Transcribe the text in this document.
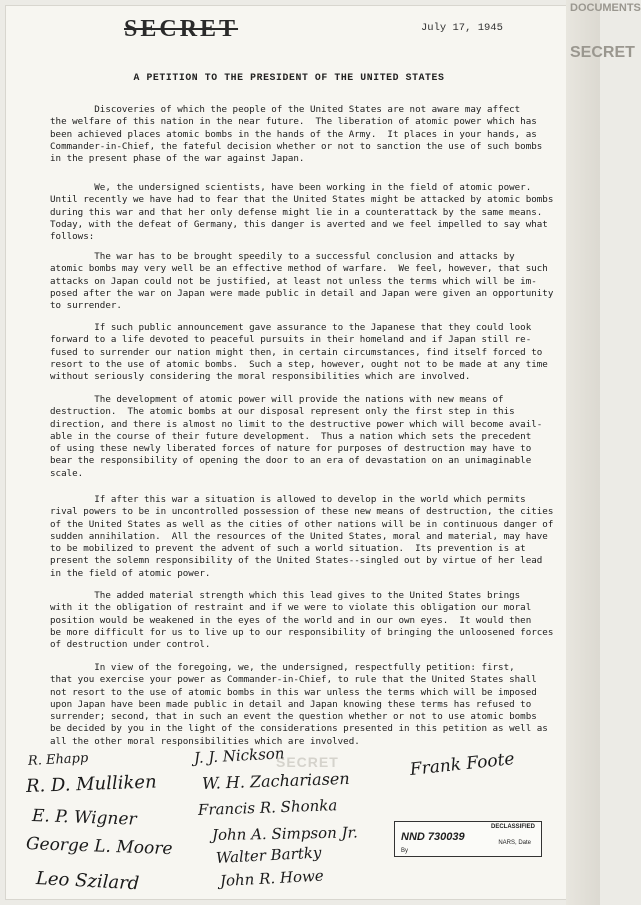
SECRET	July 17, 1945
A PETITION TO THE PRESIDENT OF THE UNITED STATES
Discoveries of which the people of the United States are not aware may affect
the welfare of this nation in the near future.  The liberation of atomic power which has
been achieved places atomic bombs in the hands of the Army.  It places in your hands, as
Commander-in-Chief, the fateful decision whether or not to sanction the use of such bombs
in the present phase of the war against Japan.
We, the undersigned scientists, have been working in the field of atomic power.
Until recently we have had to fear that the United States might be attacked by atomic bombs
during this war and that her only defense might lie in a counterattack by the same means.
Today, with the defeat of Germany, this danger is averted and we feel impelled to say what
follows:
The war has to be brought speedily to a successful conclusion and attacks by
atomic bombs may very well be an effective method of warfare.  We feel, however, that such
attacks on Japan could not be justified, at least not unless the terms which will be im-
posed after the war on Japan were made public in detail and Japan were given an opportunity
to surrender.
If such public announcement gave assurance to the Japanese that they could look
forward to a life devoted to peaceful pursuits in their homeland and if Japan still re-
fused to surrender our nation might then, in certain circumstances, find itself forced to
resort to the use of atomic bombs.  Such a step, however, ought not to be made at any time
without seriously considering the moral responsibilities which are involved.
The development of atomic power will provide the nations with new means of
destruction.  The atomic bombs at our disposal represent only the first step in this
direction, and there is almost no limit to the destructive power which will become avail-
able in the course of their future development.  Thus a nation which sets the precedent
of using these newly liberated forces of nature for purposes of destruction may have to
bear the responsibility of opening the door to an era of devastation on an unimaginable
scale.
If after this war a situation is allowed to develop in the world which permits
rival powers to be in uncontrolled possession of these new means of destruction, the cities
of the United States as well as the cities of other nations will be in continuous danger of
sudden annihilation.  All the resources of the United States, moral and material, may have
to be mobilized to prevent the advent of such a world situation.  Its prevention is at
present the solemn responsibility of the United States--singled out by virtue of her lead
in the field of atomic power.
The added material strength which this lead gives to the United States brings
with it the obligation of restraint and if we were to violate this obligation our moral
position would be weakened in the eyes of the world and in our own eyes.  It would then
be more difficult for us to live up to our responsibility of bringing the unloosened forces
of destruction under control.
In view of the foregoing, we, the undersigned, respectfully petition: first,
that you exercise your power as Commander-in-Chief, to rule that the United States shall
not resort to the use of atomic bombs in this war unless the terms which will be imposed
upon Japan have been made public in detail and Japan knowing these terms has refused to
surrender; second, that in such an event the question whether or not to use atomic bombs
be decided by you in the light of the considerations presented in this petition as well as
all the other moral responsibilities which are involved.
SECRET
R. Ehapp
R. D. Mulliken
E. P. Wigner
George L. Moore
Leo Szilard
J. J. Nickson
W. H. Zachariasen
Francis R. Shonka
John A. Simpson Jr.
Walter Bartky
John R. Howe
Frank Foote
DECLASSIFIED
NND 730039
By
NARS, Date
DOCUMENTS
SECRET
